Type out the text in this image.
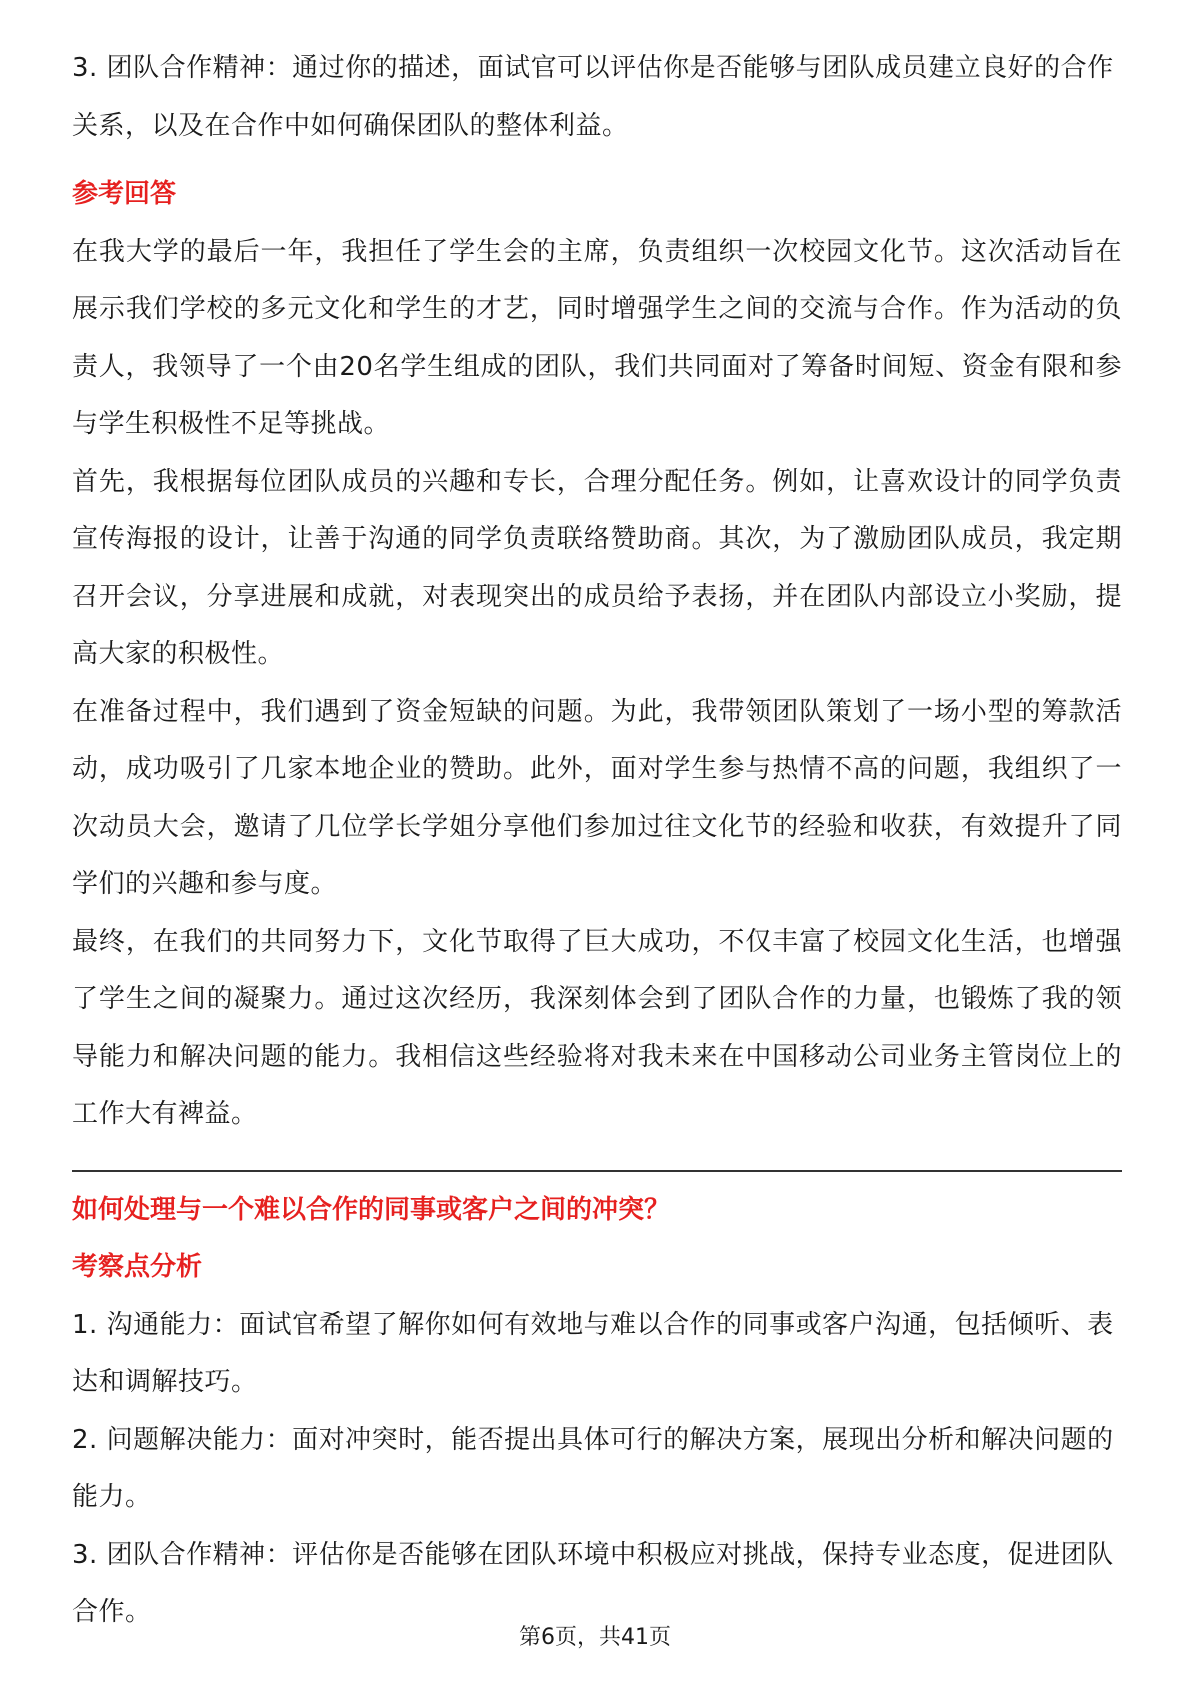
3. 团队合作精神：通过你的描述，面试官可以评估你是否能够与团队成员建立良好的合作关系，以及在合作中如何确保团队的整体利益。

参考回答

在我大学的最后一年，我担任了学生会的主席，负责组织一次校园文化节。这次活动旨在展示我们学校的多元文化和学生的才艺，同时增强学生之间的交流与合作。作为活动的负责人，我领导了一个由20名学生组成的团队，我们共同面对了筹备时间短、资金有限和参与学生积极性不足等挑战。

首先，我根据每位团队成员的兴趣和专长，合理分配任务。例如，让喜欢设计的同学负责宣传海报的设计，让善于沟通的同学负责联络赞助商。其次，为了激励团队成员，我定期召开会议，分享进展和成就，对表现突出的成员给予表扬，并在团队内部设立小奖励，提高大家的积极性。

在准备过程中，我们遇到了资金短缺的问题。为此，我带领团队策划了一场小型的筹款活动，成功吸引了几家本地企业的赞助。此外，面对学生参与热情不高的问题，我组织了一次动员大会，邀请了几位学长学姐分享他们参加过往文化节的经验和收获，有效提升了同学们的兴趣和参与度。

最终，在我们的共同努力下，文化节取得了巨大成功，不仅丰富了校园文化生活，也增强了学生之间的凝聚力。通过这次经历，我深刻体会到了团队合作的力量，也锻炼了我的领导能力和解决问题的能力。我相信这些经验将对我未来在中国移动公司业务主管岗位上的工作大有裨益。

如何处理与一个难以合作的同事或客户之间的冲突？

考察点分析

1. 沟通能力：面试官希望了解你如何有效地与难以合作的同事或客户沟通，包括倾听、表达和调解技巧。

2. 问题解决能力：面对冲突时，能否提出具体可行的解决方案，展现出分析和解决问题的能力。

3. 团队合作精神：评估你是否能够在团队环境中积极应对挑战，保持专业态度，促进团队合作。

第6页，共41页
